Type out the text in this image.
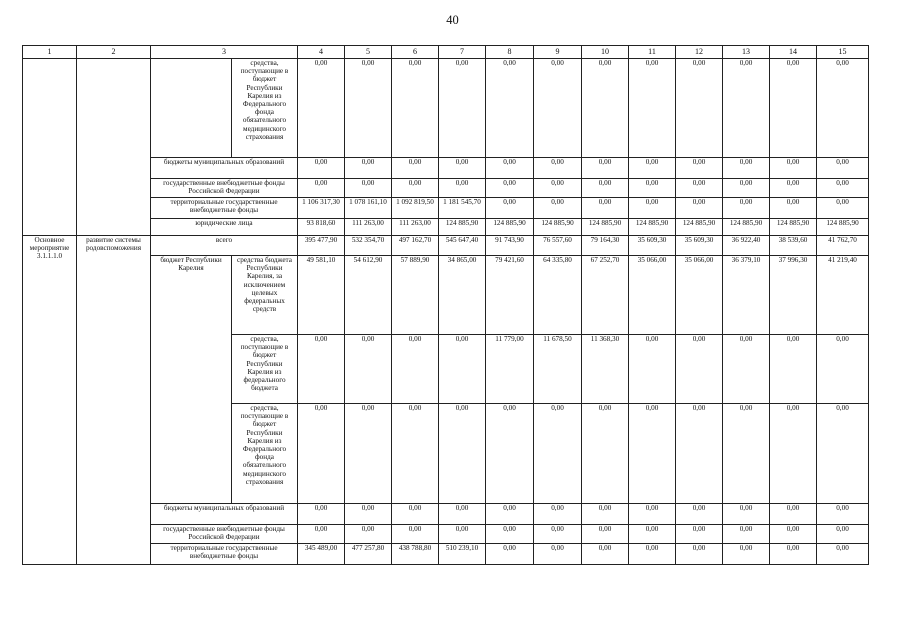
40
1	2	3		4	5	6	7	8	9	10	11	12	13	14	15
			средства, поступающие в бюджет Республики Карелия из Федерального фонда обязательного медицинского страхования	0,00	0,00	0,00	0,00	0,00	0,00	0,00	0,00	0,00	0,00	0,00	0,00
		бюджеты муниципальных образований		0,00	0,00	0,00	0,00	0,00	0,00	0,00	0,00	0,00	0,00	0,00	0,00
		государственные внебюджетные фонды Российской Федерации		0,00	0,00	0,00	0,00	0,00	0,00	0,00	0,00	0,00	0,00	0,00	0,00
		территориальные государственные внебюджетные фонды		1 106 317,30	1 078 161,10	1 092 819,50	1 181 545,70	0,00	0,00	0,00	0,00	0,00	0,00	0,00	0,00
		юридические лица		93 818,60	111 263,00	111 263,00	124 885,90	124 885,90	124 885,90	124 885,90	124 885,90	124 885,90	124 885,90	124 885,90	124 885,90
Основное мероприятие 3.1.1.1.0	развитие системы родовспоможения	всего		395 477,90	532 354,70	497 162,70	545 647,40	91 743,90	76 557,60	79 164,30	35 609,30	35 609,30	36 922,40	38 539,60	41 762,70
		бюджет Республики Карелия	средства бюджета Республики Карелия, за исключением целевых федеральных средств	49 581,10	54 612,90	57 889,90	34 865,00	79 421,60	64 335,80	67 252,70	35 066,00	35 066,00	36 379,10	37 996,30	41 219,40
			средства, поступающие в бюджет Республики Карелия из федерального бюджета	0,00	0,00	0,00	0,00	11 779,00	11 678,50	11 368,30	0,00	0,00	0,00	0,00	0,00
			средства, поступающие в бюджет Республики Карелия из Федерального фонда обязательного медицинского страхования	0,00	0,00	0,00	0,00	0,00	0,00	0,00	0,00	0,00	0,00	0,00	0,00
		бюджеты муниципальных образований		0,00	0,00	0,00	0,00	0,00	0,00	0,00	0,00	0,00	0,00	0,00	0,00
		государственные внебюджетные фонды Российской Федерации		0,00	0,00	0,00	0,00	0,00	0,00	0,00	0,00	0,00	0,00	0,00	0,00
		территориальные государственные внебюджетные фонды		345 489,00	477 257,80	438 788,80	510 239,10	0,00	0,00	0,00	0,00	0,00	0,00	0,00	0,00
